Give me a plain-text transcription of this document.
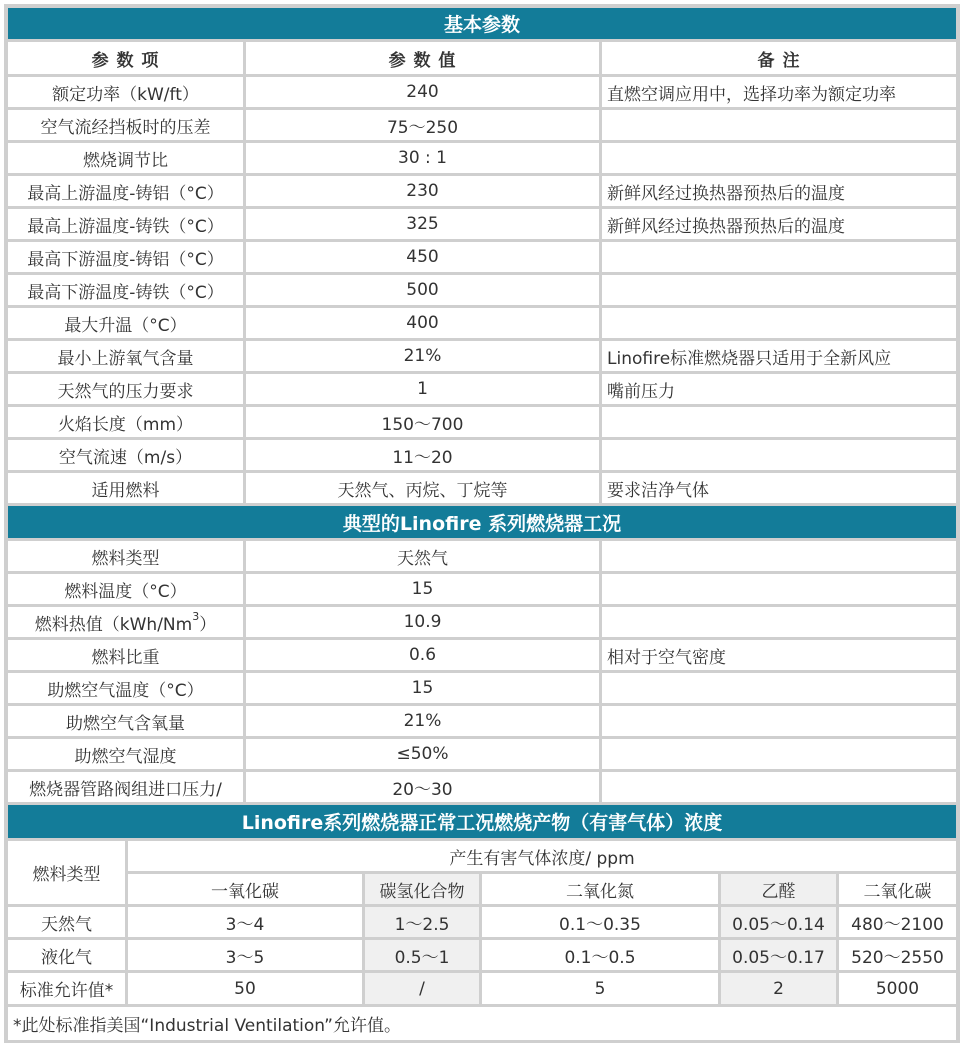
基本参数
参 数 项	参 数 值	备 注
额定功率（kW/ft）	240	直燃空调应用中，选择功率为额定功率
空气流经挡板时的压差	75～250
燃烧调节比	30 : 1
最高上游温度-铸铝（°C）	230	新鲜风经过换热器预热后的温度
最高上游温度-铸铁（°C）	325	新鲜风经过换热器预热后的温度
最高下游温度-铸铝（°C）	450
最高下游温度-铸铁（°C）	500
最大升温（°C）	400
最小上游氧气含量	21%	Linofire标准燃烧器只适用于全新风应
天然气的压力要求	1	嘴前压力
火焰长度（mm）	150～700
空气流速（m/s）	11～20
适用燃料	天然气、丙烷、丁烷等	要求洁净气体
典型的Linofire 系列燃烧器工况
燃料类型	天然气
燃料温度（°C）	15
燃料热值（kWh/Nm$^3$ ）	10.9
燃料比重	0.6	相对于空气密度
助燃空气温度（°C）	15
助燃空气含氧量	21%
助燃空气湿度	≤50%
燃烧器管路阀组进口压力/	20～30
Linofire系列燃烧器正常工况燃烧产物（有害气体）浓度
燃料类型
产生有害气体浓度/ ppm
一氧化碳	碳氢化合物	二氧化氮	乙醛	二氧化碳
天然气	3～4	1～2.5	0.1～0.35	0.05～0.14	480～2100
液化气	3～5	0.5～1	0.1～0.5	0.05～0.17	520～2550
标准允许值*	50	/	5	2	5000
*此处标准指美国“Industrial Ventilation”允许值。
